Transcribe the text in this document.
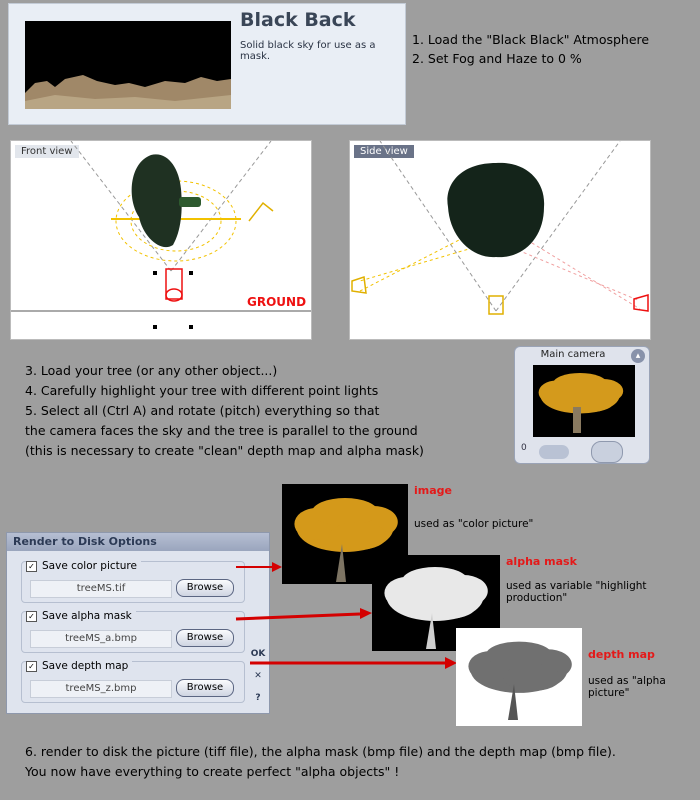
Black Back
Solid black sky for use as a mask.
1. Load the "Black Black" Atmosphere
2. Set Fog and Haze to 0 %
Front view
GROUND
Side view
3. Load your tree (or any other object...)
4. Carefully highlight your tree with different point lights
5. Select all (Ctrl A) and rotate (pitch) everything so that
the camera faces the sky and the tree is parallel to the ground
(this is necessary to create "clean" depth map and alpha mask)
Main camera	▴
0
Render to Disk Options
✓ Save color picture
treeMS.tif	Browse
✓ Save alpha mask
treeMS_a.bmp	Browse
✓ Save depth map
treeMS_z.bmp	Browse
OK
✕
?
image
used as "color picture"
alpha mask
used as variable "highlight production"
depth map
used as "alpha picture"
6. render to disk the picture (tiff file), the alpha mask (bmp file) and the depth map (bmp file).
You now have everything to create perfect "alpha objects" !
